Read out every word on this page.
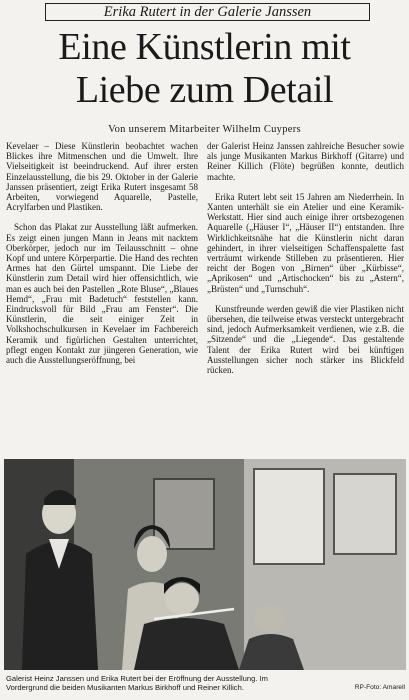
Erika Rutert in der Galerie Janssen
Eine Künstlerin mit
Liebe zum Detail
Von unserem Mitarbeiter Wilhelm Cuypers

Kevelaer – Diese Künstlerin beobachtet wachen Blickes ihre Mitmenschen und die Umwelt. Ihre Vielseitigkeit ist beeindruckend. Auf ihrer ersten Einzelausstellung, die bis 29. Oktober in der Galerie Janssen präsentiert, zeigt Erika Rutert insgesamt 58 Arbeiten, vorwiegend Aquarelle, Pastelle, Acrylfarben und Plastiken.

Schon das Plakat zur Ausstellung läßt aufmerken. Es zeigt einen jungen Mann in Jeans mit nacktem Oberkörper, jedoch nur im Teilausschnitt – ohne Kopf und untere Körperpartie. Die Hand des rechten Armes hat den Gürtel umspannt. Die Liebe der Künstlerin zum Detail wird hier offensichtlich, wie man es auch bei den Pastellen „Rote Bluse“, „Blaues Hemd“, „Frau mit Badetuch“ feststellen kann. Eindrucksvoll für Bild „Frau am Fenster“. Die Künstlerin, die seit einiger Zeit in Volkshochschulkursen in Kevelaer im Fachbereich Keramik und figürlichen Gestalten unterrichtet, pflegt engen Kontakt zur jüngeren Generation, wie auch die Ausstellungseröffnung, bei

der Galerist Heinz Janssen zahlreiche Besucher sowie als junge Musikanten Markus Birkhoff (Gitarre) und Reiner Killich (Flöte) begrüßen konnte, deutlich machte.

Erika Rutert lebt seit 15 Jahren am Niederrhein. In Xanten unterhält sie ein Atelier und eine Keramik-Werkstatt. Hier sind auch einige ihrer ortsbezogenen Aquarelle („Häuser I“, „Häuser II“) entstanden. Ihre Wirklichkeitsnähe hat die Künstlerin nicht daran gehindert, in ihrer vielseitigen Schaffenspalette fast verträumt wirkende Stilleben zu präsentieren. Hier reicht der Bogen von „Birnen“ über „Kürbisse“, „Aprikosen“ und „Artischocken“ bis zu „Astern“, „Brüsten“ und „Turnschuh“.

Kunstfreunde werden gewiß die vier Plastiken nicht übersehen, die teilweise etwas versteckt untergebracht sind, jedoch Aufmerksamkeit verdienen, wie z.B. die „Sitzende“ und die „Liegende“. Das gestaltende Talent der Erika Rutert wird bei künftigen Ausstellungen sicher noch stärker ins Blickfeld rücken.

Galerist Heinz Janssen und Erika Rutert bei der Eröffnung der Ausstellung. Im Vordergrund die beiden Musikanten Markus Birkhoff und Reiner Killich.	RP-Foto: Amarell
